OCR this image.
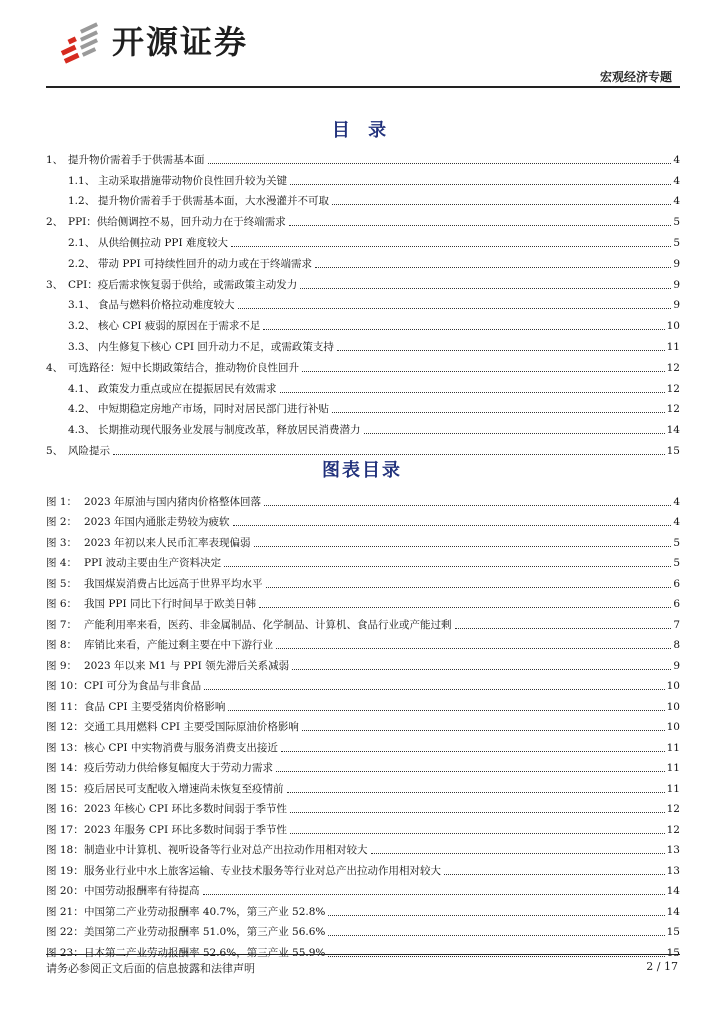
开源证券
宏观经济专题
目 录
1、 提升物价需着手于供需基本面	4
1.1、 主动采取措施带动物价良性回升较为关键	4
1.2、 提升物价需着手于供需基本面，大水漫灌并不可取	4
2、 PPI：供给侧调控不易，回升动力在于终端需求	5
2.1、 从供给侧拉动 PPI 难度较大	5
2.2、 带动 PPI 可持续性回升的动力或在于终端需求	9
3、 CPI：疫后需求恢复弱于供给，或需政策主动发力	9
3.1、 食品与燃料价格拉动难度较大	9
3.2、 核心 CPI 疲弱的原因在于需求不足	10
3.3、 内生修复下核心 CPI 回升动力不足，或需政策支持	11
4、 可选路径：短中长期政策结合，推动物价良性回升	12
4.1、 政策发力重点或应在提振居民有效需求	12
4.2、 中短期稳定房地产市场，同时对居民部门进行补贴	12
4.3、 长期推动现代服务业发展与制度改革，释放居民消费潜力	14
5、 风险提示	15
图表目录
图 1： 2023 年原油与国内猪肉价格整体回落	4
图 2： 2023 年国内通胀走势较为疲软	4
图 3： 2023 年初以来人民币汇率表现偏弱	5
图 4： PPI 波动主要由生产资料决定	5
图 5： 我国煤炭消费占比远高于世界平均水平	6
图 6： 我国 PPI 同比下行时间早于欧美日韩	6
图 7： 产能利用率来看，医药、非金属制品、化学制品、计算机、食品行业或产能过剩	7
图 8： 库销比来看，产能过剩主要在中下游行业	8
图 9： 2023 年以来 M1 与 PPI 领先滞后关系减弱	9
图 10： CPI 可分为食品与非食品	10
图 11： 食品 CPI 主要受猪肉价格影响	10
图 12： 交通工具用燃料 CPI 主要受国际原油价格影响	10
图 13： 核心 CPI 中实物消费与服务消费支出接近	11
图 14： 疫后劳动力供给修复幅度大于劳动力需求	11
图 15： 疫后居民可支配收入增速尚未恢复至疫情前	11
图 16： 2023 年核心 CPI 环比多数时间弱于季节性	12
图 17： 2023 年服务 CPI 环比多数时间弱于季节性	12
图 18： 制造业中计算机、视听设备等行业对总产出拉动作用相对较大	13
图 19： 服务业行业中水上旅客运输、专业技术服务等行业对总产出拉动作用相对较大	13
图 20： 中国劳动报酬率有待提高	14
图 21： 中国第二产业劳动报酬率 40.7%，第三产业 52.8%	14
图 22： 美国第二产业劳动报酬率 51.0%，第三产业 56.6%	15
图 23： 日本第二产业劳动报酬率 52.6%，第三产业 55.9%	15
请务必参阅正文后面的信息披露和法律声明	2 / 17
